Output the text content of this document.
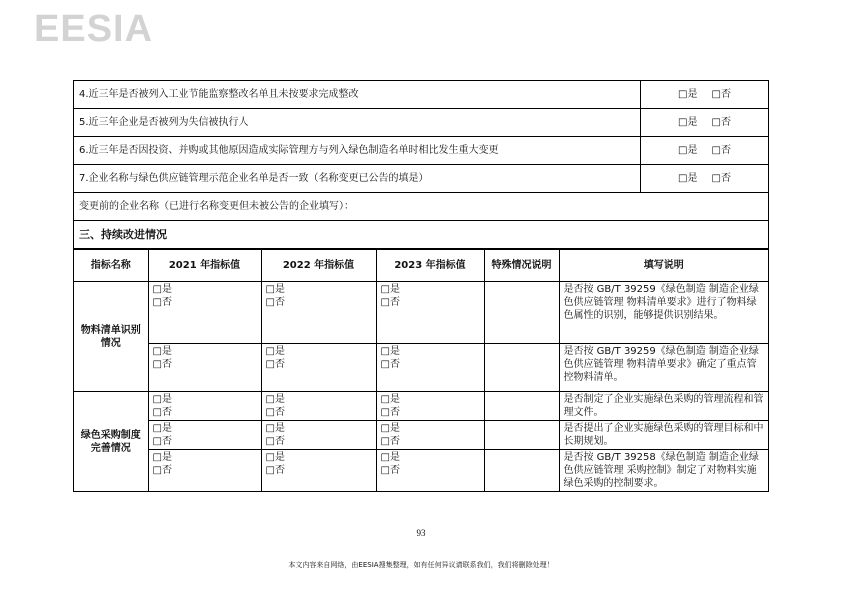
EESIA
4.近三年是否被列入工业节能监察整改名单且未按要求完成整改	□是 □否
5.近三年企业是否被列为失信被执行人	□是 □否
6.近三年是否因投资、并购或其他原因造成实际管理方与列入绿色制造名单时相比发生重大变更	□是 □否
7.企业名称与绿色供应链管理示范企业名单是否一致（名称变更已公告的填是）	□是 □否
变更前的企业名称（已进行名称变更但未被公告的企业填写）：
三、持续改进情况
指标名称	2021 年指标值	2022 年指标值	2023 年指标值	特殊情况说明	填写说明
物料清单识别情况	□是
□否	□是
□否	□是
□否		是否按 GB/T 39259《绿色制造 制造企业绿色供应链管理 物料清单要求》进行了物料绿色属性的识别，能够提供识别结果。

	□是
□否	□是
□否	□是
□否		是否按 GB/T 39259《绿色制造 制造企业绿色供应链管理 物料清单要求》确定了重点管控物料清单。
绿色采购制度完善情况	□是
□否	□是
□否	□是
□否		是否制定了企业实施绿色采购的管理流程和管理文件。

	□是
□否	□是
□否	□是
□否		是否提出了企业实施绿色采购的管理目标和中长期规划。

	□是
□否	□是
□否	□是
□否		是否按 GB/T 39258《绿色制造 制造企业绿色供应链管理 采购控制》制定了对物料实施绿色采购的控制要求。
93
本文内容来自网络，由EESIA搜集整理，如有任何异议请联系我们，我们将删除处理！
